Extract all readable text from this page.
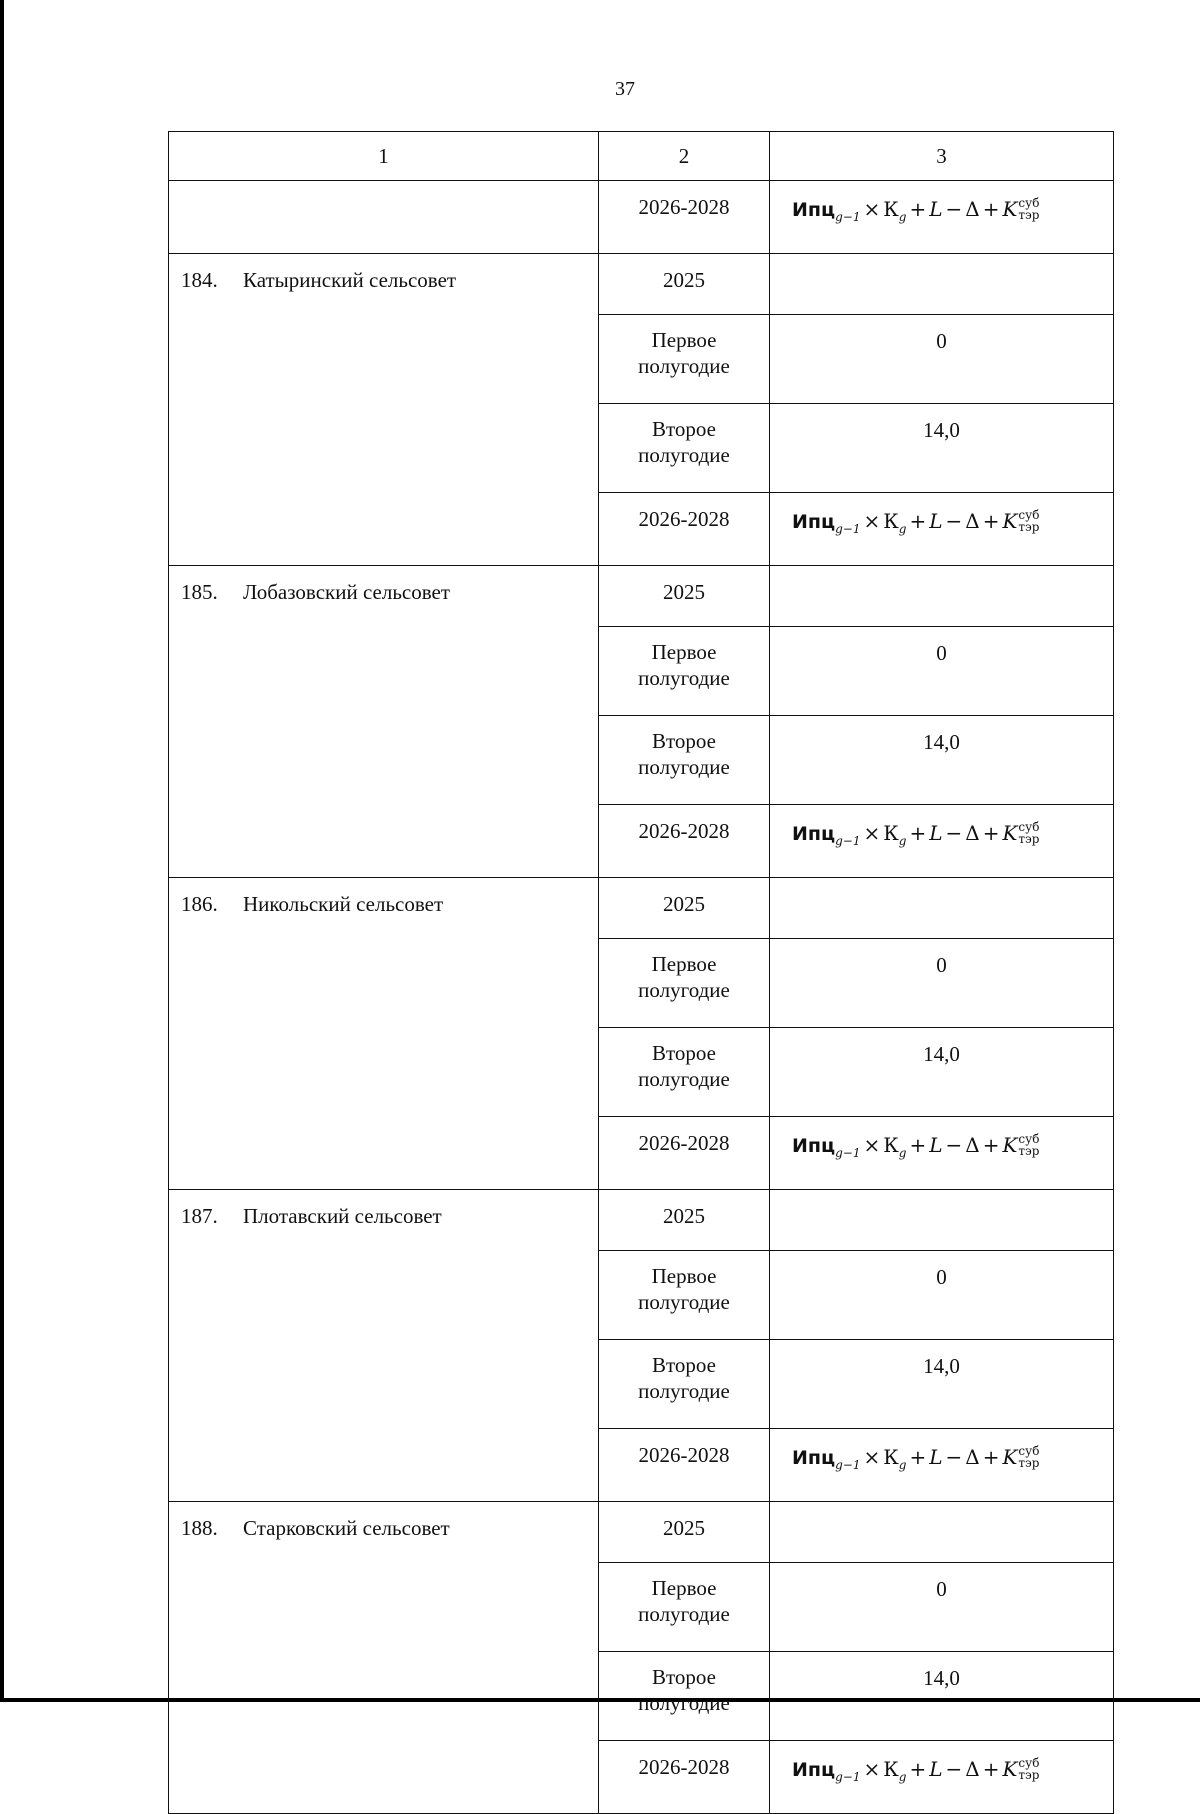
37
1	2	3
	2026-2028	$Ипц_{g-1} \times К_g + L - \Delta + K$ суб
тэр

184. Катыринский сельсовет	2025	
	Первое полугодие	0
	Второе полугодие	14,0
	2026-2028	$Ипц_{g-1} \times К_g + L - \Delta + K$ суб
тэр

185. Лобазовский сельсовет	2025	
	Первое полугодие	0
	Второе полугодие	14,0
	2026-2028	$Ипц_{g-1} \times К_g + L - \Delta + K$ суб
тэр

186. Никольский сельсовет	2025	
	Первое полугодие	0
	Второе полугодие	14,0
	2026-2028	$Ипц_{g-1} \times К_g + L - \Delta + K$ суб
тэр

187. Плотавский сельсовет	2025	
	Первое полугодие	0
	Второе полугодие	14,0
	2026-2028	$Ипц_{g-1} \times К_g + L - \Delta + K$ суб
тэр

188. Старковский сельсовет	2025	
	Первое полугодие	0
	Второе полугодие	14,0
	2026-2028	$Ипц_{g-1} \times К_g + L - \Delta + K$ суб
тэр
